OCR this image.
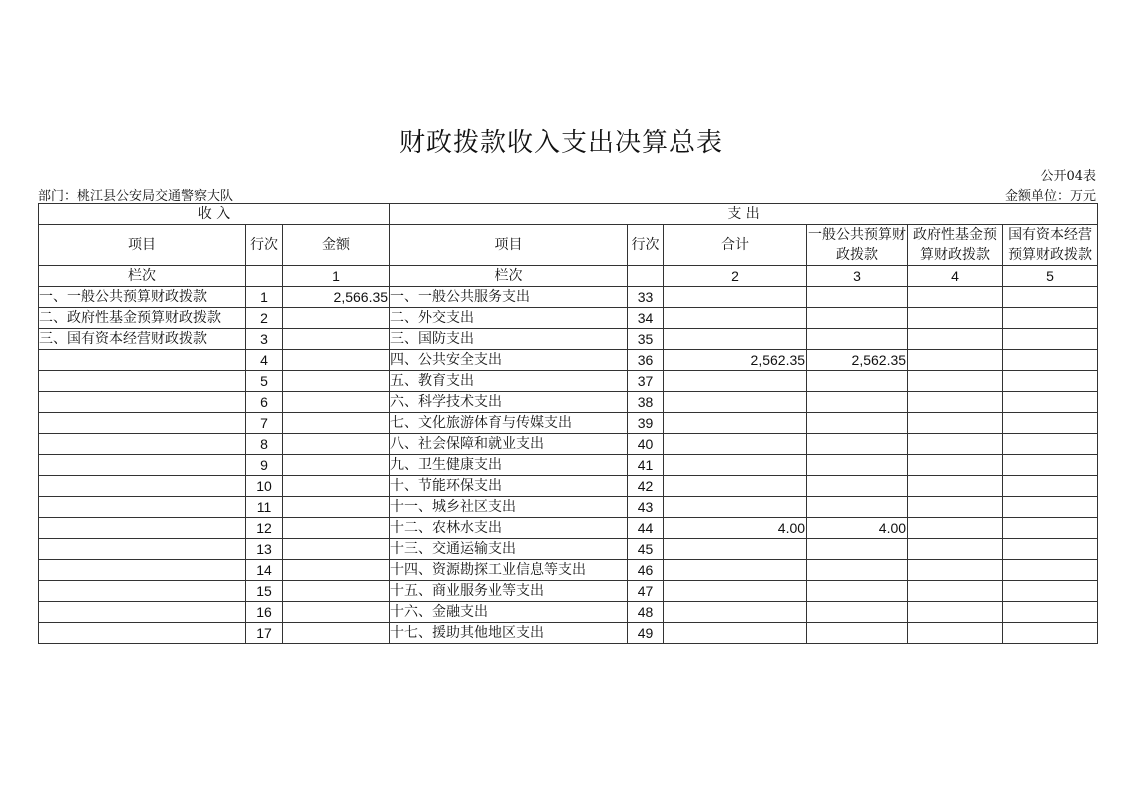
财政拨款收入支出决算总表
公开04表
部门：桃江县公安局交通警察大队	金额单位：万元
收 入			支 出					
项目	行次	金额	项目	行次	合计	一般公共预算财政拨款	政府性基金预算财政拨款	国有资本经营预算财政拨款
栏次		1	栏次		2	3	4	5
一、一般公共预算财政拨款	1	2,566.35	一、一般公共服务支出	33				
二、政府性基金预算财政拨款	2		二、外交支出	34				
三、国有资本经营财政拨款	3		三、国防支出	35				
	4		四、公共安全支出	36	2,562.35	2,562.35		
	5		五、教育支出	37				
	6		六、科学技术支出	38				
	7		七、文化旅游体育与传媒支出	39				
	8		八、社会保障和就业支出	40				
	9		九、卫生健康支出	41				
	10		十、节能环保支出	42				
	11		十一、城乡社区支出	43				
	12		十二、农林水支出	44	4.00	4.00		
	13		十三、交通运输支出	45				
	14		十四、资源勘探工业信息等支出	46				
	15		十五、商业服务业等支出	47				
	16		十六、金融支出	48				
	17		十七、援助其他地区支出	49				
